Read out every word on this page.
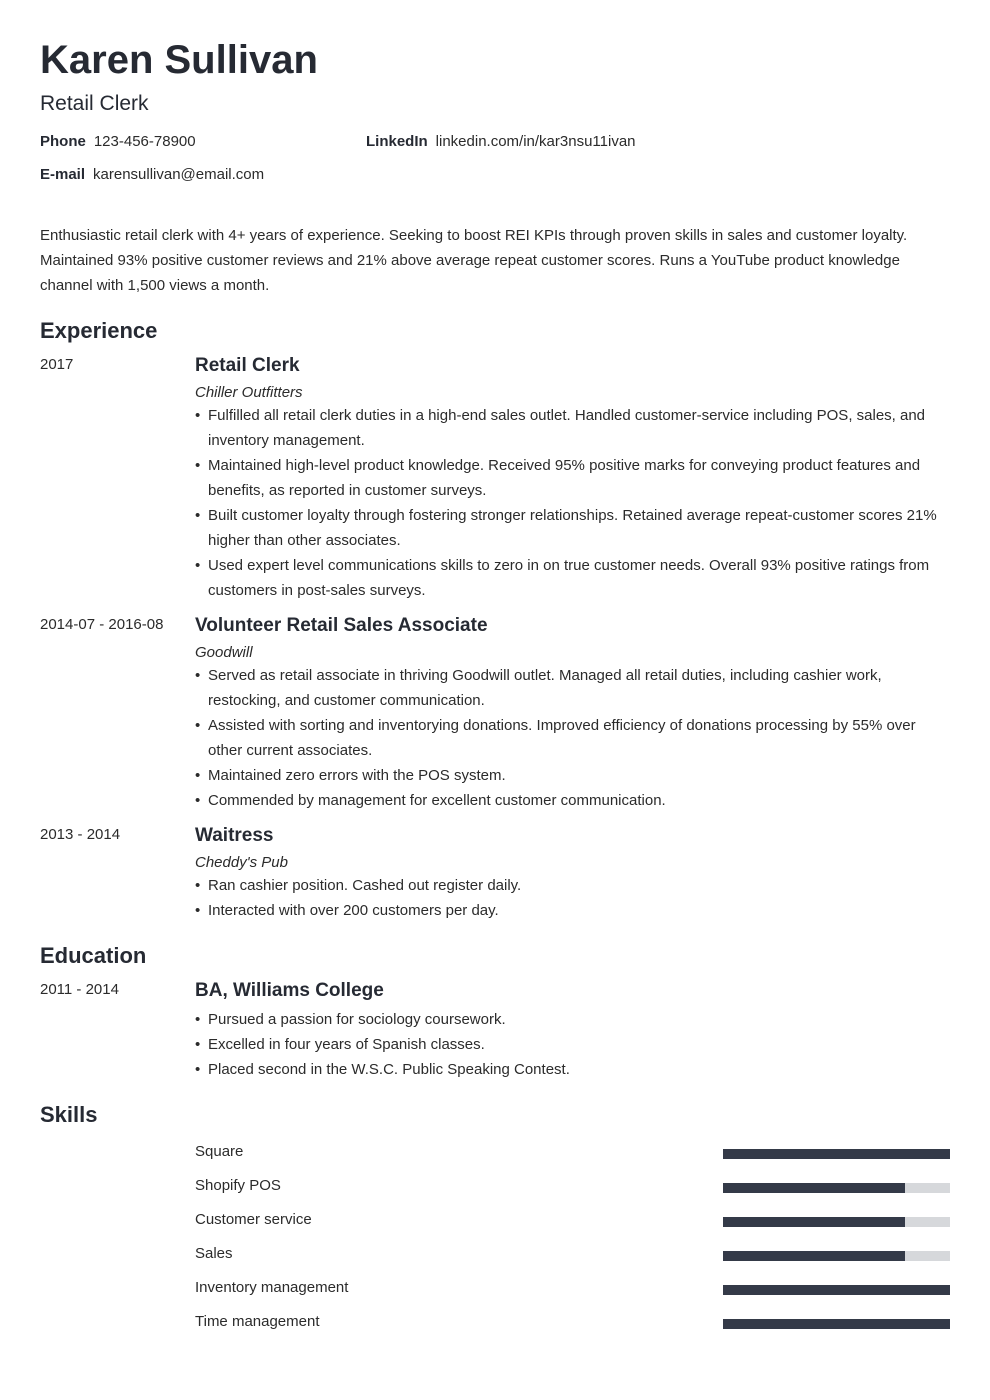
Karen Sullivan
Retail Clerk
Phone 123-456-78900	LinkedIn linkedin.com/in/kar3nsu11ivan
E-mail karensullivan@email.com
Enthusiastic retail clerk with 4+ years of experience. Seeking to boost REI KPIs through proven skills in sales and customer loyalty. Maintained 93% positive customer reviews and 21% above average repeat customer scores. Runs a YouTube product knowledge channel with 1,500 views a month.
Experience
2017	Retail Clerk
Chiller Outfitters
• Fulfilled all retail clerk duties in a high-end sales outlet. Handled customer-service including POS, sales, and inventory management.
• Maintained high-level product knowledge. Received 95% positive marks for conveying product features and benefits, as reported in customer surveys.
• Built customer loyalty through fostering stronger relationships. Retained average repeat-customer scores 21% higher than other associates.
• Used expert level communications skills to zero in on true customer needs. Overall 93% positive ratings from customers in post-sales surveys.
2014-07 - 2016-08 Volunteer Retail Sales Associate
Goodwill
• Served as retail associate in thriving Goodwill outlet. Managed all retail duties, including cashier work, restocking, and customer communication.
• Assisted with sorting and inventorying donations. Improved efficiency of donations processing by 55% over other current associates.
• Maintained zero errors with the POS system.
• Commended by management for excellent customer communication.
2013 - 2014	Waitress
Cheddy's Pub
• Ran cashier position. Cashed out register daily.
• Interacted with over 200 customers per day.
Education
2011 - 2014	BA, Williams College
• Pursued a passion for sociology coursework.
• Excelled in four years of Spanish classes.
• Placed second in the W.S.C. Public Speaking Contest.
Skills
Square
Shopify POS
Customer service
Sales
Inventory management
Time management
